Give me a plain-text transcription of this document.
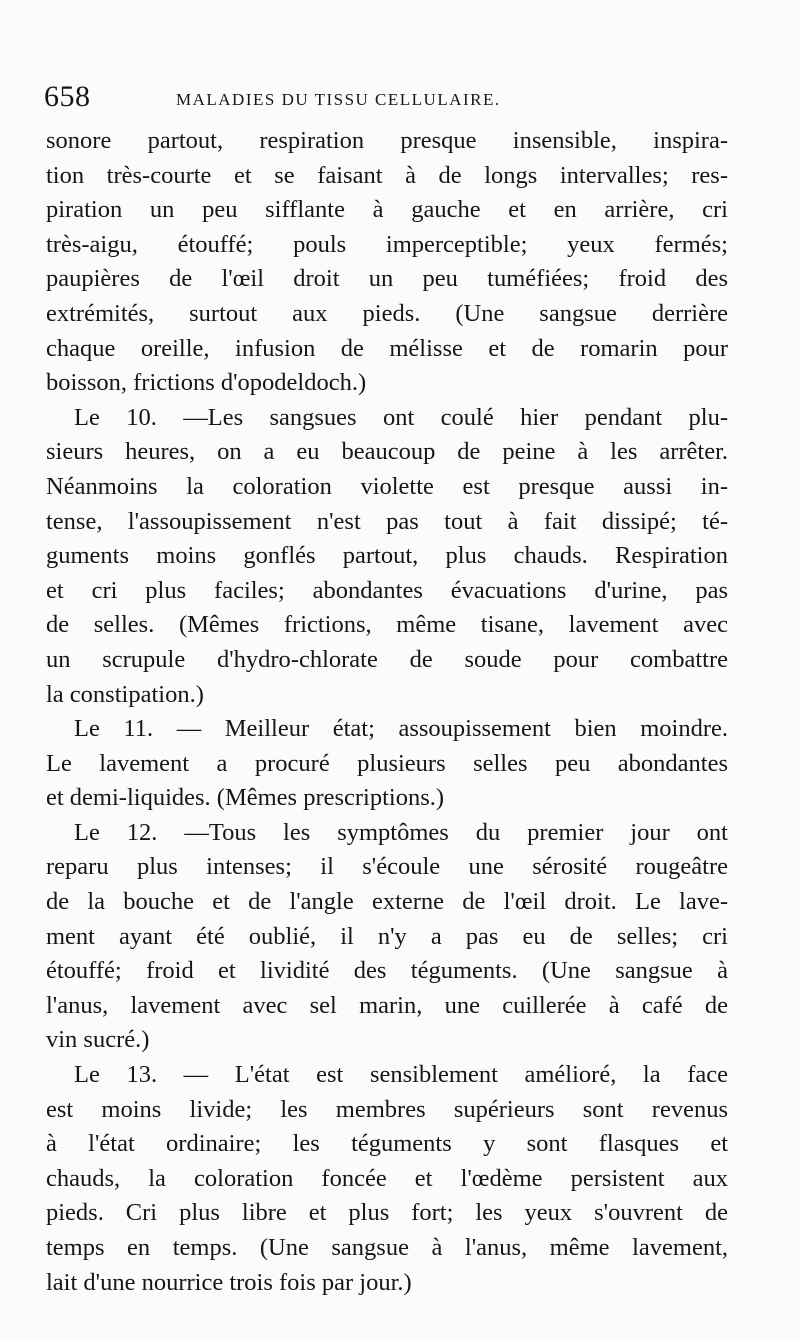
658	MALADIES DU TISSU CELLULAIRE.
sonore partout, respiration presque insensible, inspira-
tion très-courte et se faisant à de longs intervalles; res-
piration un peu sifflante à gauche et en arrière, cri
très-aigu, étouffé; pouls imperceptible; yeux fermés;
paupières de l'œil droit un peu tuméfiées; froid des
extrémités, surtout aux pieds. (Une sangsue derrière
chaque oreille, infusion de mélisse et de romarin pour
boisson, frictions d'opodeldoch.)
Le 10. —Les sangsues ont coulé hier pendant plu-
sieurs heures, on a eu beaucoup de peine à les arrêter.
Néanmoins la coloration violette est presque aussi in-
tense, l'assoupissement n'est pas tout à fait dissipé; té-
guments moins gonflés partout, plus chauds. Respiration
et cri plus faciles; abondantes évacuations d'urine, pas
de selles. (Mêmes frictions, même tisane, lavement avec
un scrupule d'hydro-chlorate de soude pour combattre
la constipation.)
Le 11. — Meilleur état; assoupissement bien moindre.
Le lavement a procuré plusieurs selles peu abondantes
et demi-liquides. (Mêmes prescriptions.)
Le 12. —Tous les symptômes du premier jour ont
reparu plus intenses; il s'écoule une sérosité rougeâtre
de la bouche et de l'angle externe de l'œil droit. Le lave-
ment ayant été oublié, il n'y a pas eu de selles; cri
étouffé; froid et lividité des téguments. (Une sangsue à
l'anus, lavement avec sel marin, une cuillerée à café de
vin sucré.)
Le 13. — L'état est sensiblement amélioré, la face
est moins livide; les membres supérieurs sont revenus
à l'état ordinaire; les téguments y sont flasques et
chauds, la coloration foncée et l'œdème persistent aux
pieds. Cri plus libre et plus fort; les yeux s'ouvrent de
temps en temps. (Une sangsue à l'anus, même lavement,
lait d'une nourrice trois fois par jour.)
